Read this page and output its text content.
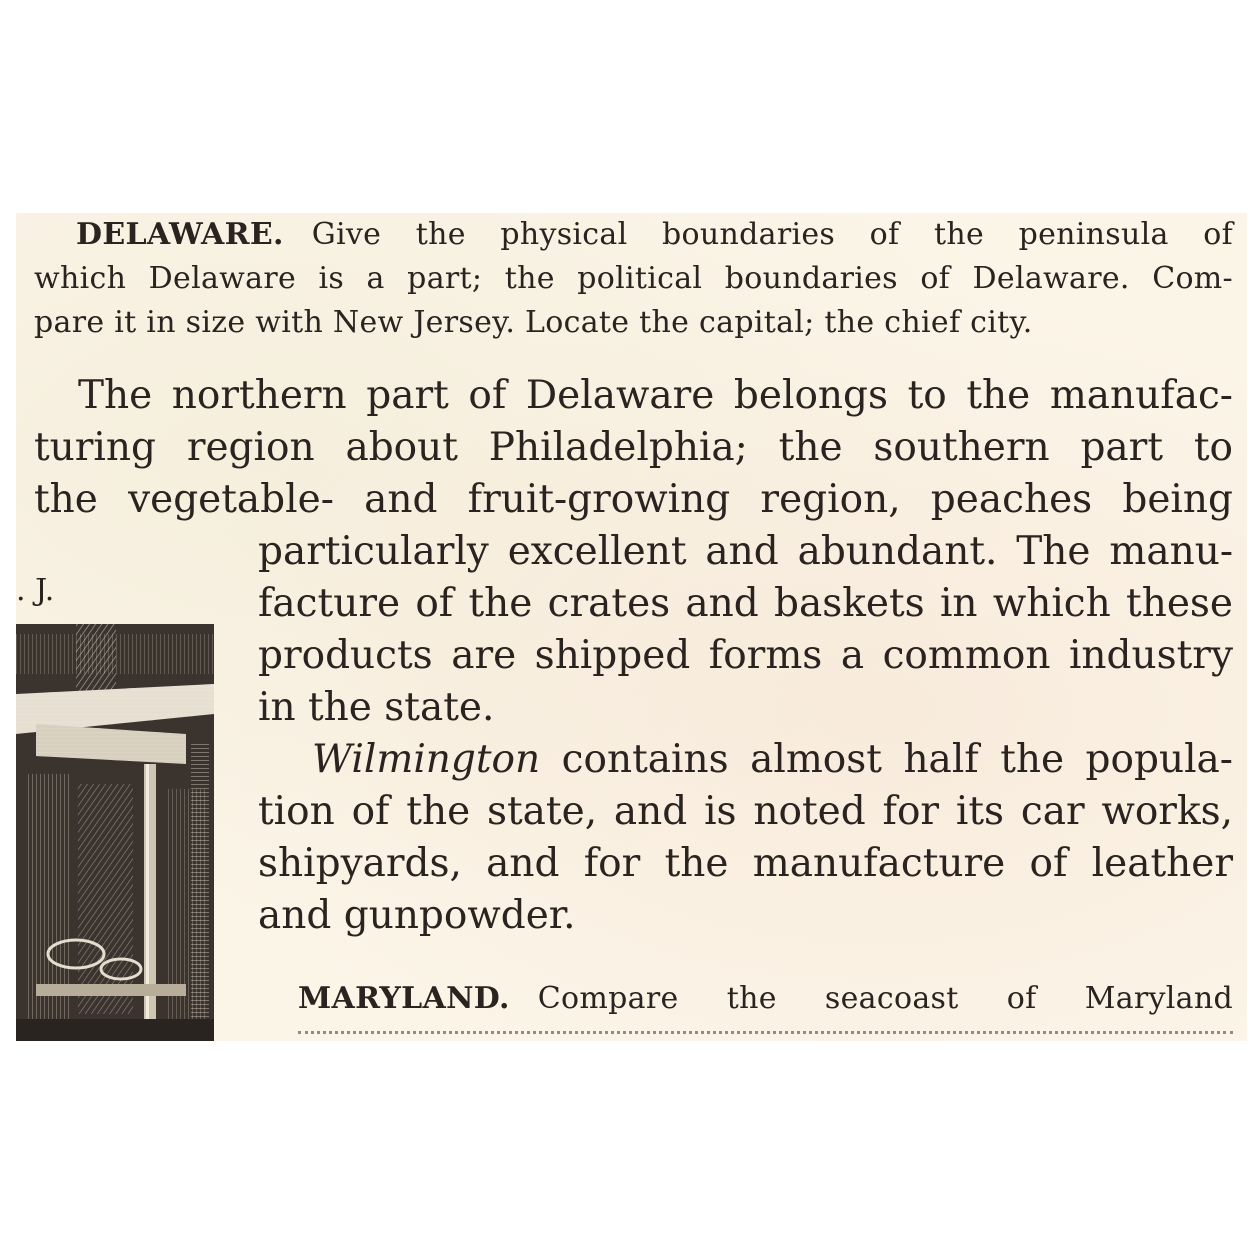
DELAWARE. Give the physical boundaries of the peninsula of
which Delaware is a part; the political boundaries of Delaware. Com-
pare it in size with New Jersey. Locate the capital; the chief city.
The northern part of Delaware belongs to the manufac-
turing region about Philadelphia; the southern part to
the vegetable- and fruit-growing region, peaches being
particularly excellent and abundant. The manu-
facture of the crates and baskets in which these
products are shipped forms a common industry
in the state.
Wilmington contains almost half the popula-
tion of the state, and is noted for its car works,
shipyards, and for the manufacture of leather
and gunpowder.
MARYLAND. Compare the seacoast of Maryland
. J.
